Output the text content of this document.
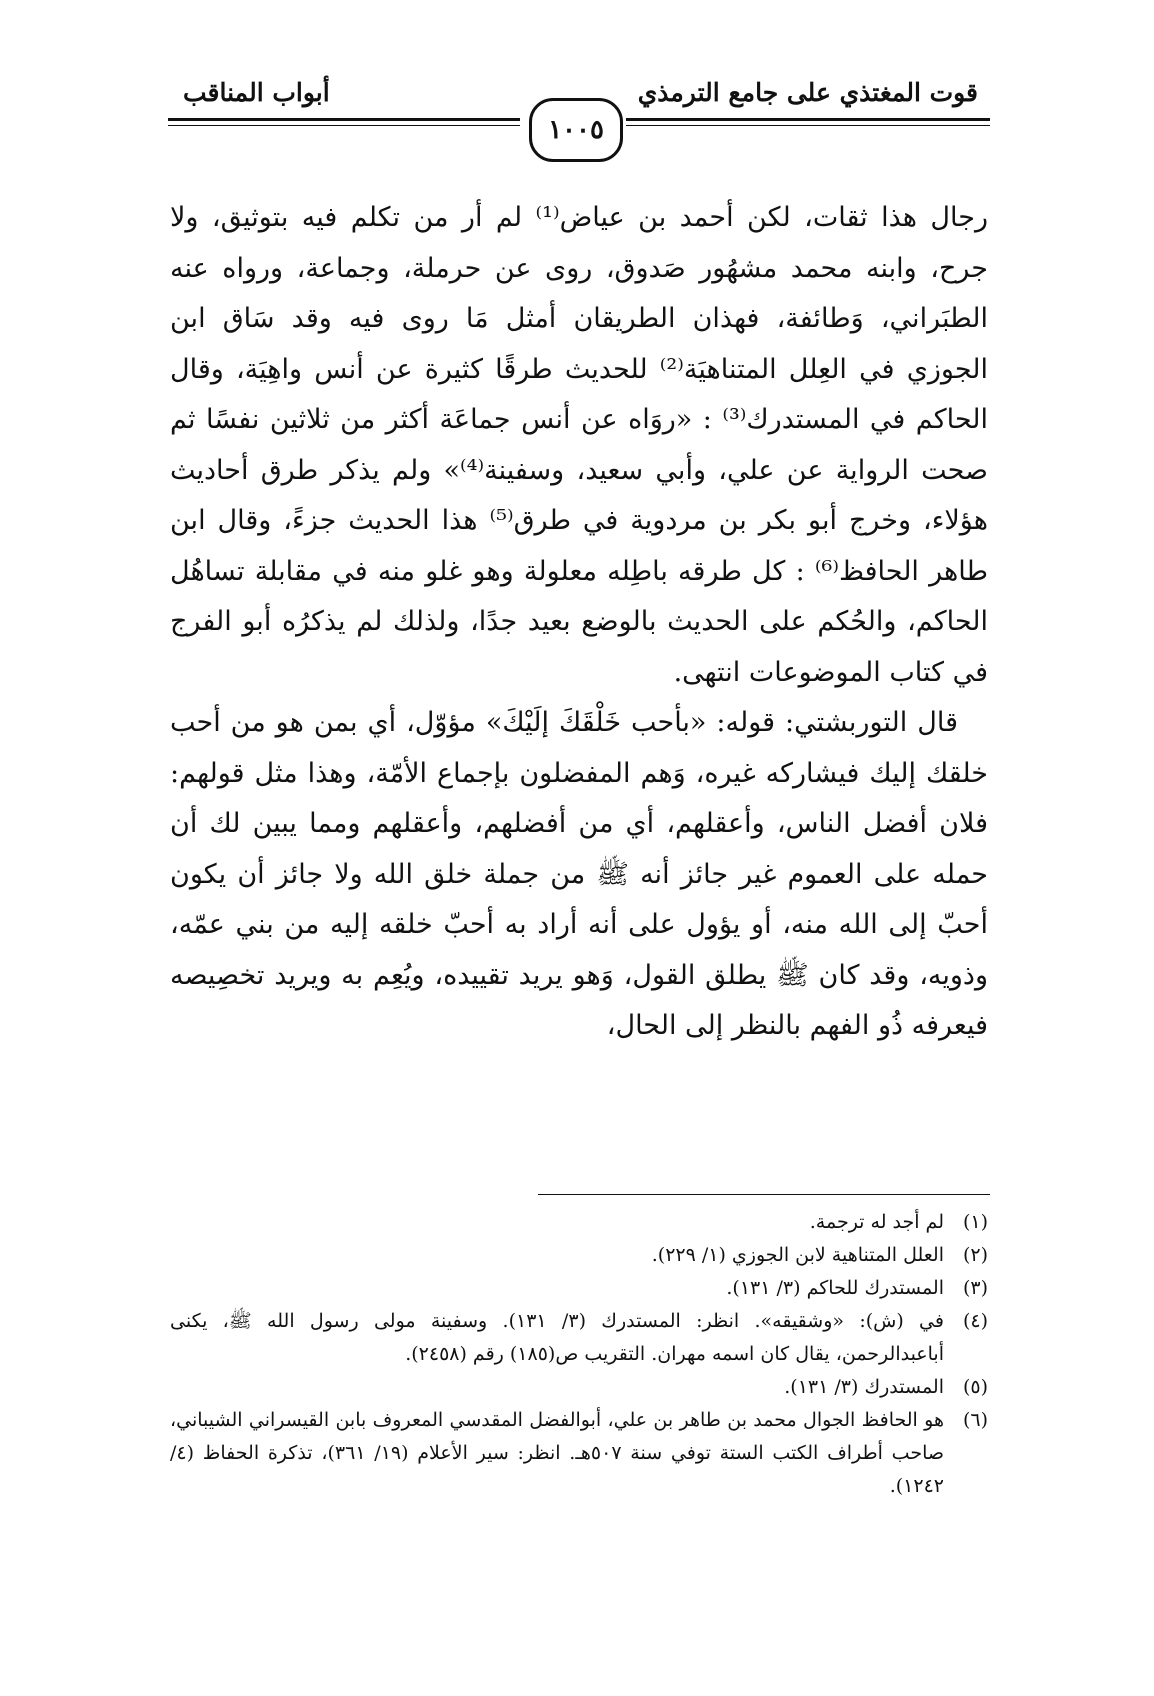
قوت المغتذي على جامع الترمذي
أبواب المناقب
١٠٠٥

رجال هذا ثقات، لكن أحمد بن عياض⁽¹⁾ لم أر من تكلم فيه بتوثيق، ولا جرح، وابنه محمد مشهُور صَدوق، روى عن حرملة، وجماعة، ورواه عنه الطبَراني، وَطائفة، فهذان الطريقان أمثل مَا روى فيه وقد سَاق ابن الجوزي في العِلل المتناهيَة⁽²⁾ للحديث طرقًا كثيرة عن أنس واهِيَة، وقال الحاكم في المستدرك⁽³⁾ : «روَاه عن أنس جماعَة أكثر من ثلاثين نفسًا ثم صحت الرواية عن علي، وأبي سعيد، وسفينة⁽⁴⁾» ولم يذكر طرق أحاديث هؤلاء، وخرج أبو بكر بن مردوية في طرق⁽⁵⁾ هذا الحديث جزءً، وقال ابن طاهر الحافظ⁽⁶⁾ : كل طرقه باطِله معلولة وهو غلو منه في مقابلة تساهُل الحاكم، والحُكم على الحديث بالوضع بعيد جدًا، ولذلك لم يذكرُه أبو الفرج في كتاب الموضوعات انتهى.

قال التوربشتي: قوله: «بأحب خَلْقَكَ إلَيْكَ» مؤوّل، أي بمن هو من أحب خلقك إليك فيشاركه غيره، وَهم المفضلون بإجماع الأمّة، وهذا مثل قولهم: فلان أفضل الناس، وأعقلهم، أي من أفضلهم، وأعقلهم ومما يبين لك أن حمله على العموم غير جائز أنه ﷺ من جملة خلق الله ولا جائز أن يكون أحبّ إلى الله منه، أو يؤول على أنه أراد به أحبّ خلقه إليه من بني عمّه، وذويه، وقد كان ﷺ يطلق القول، وَهو يريد تقييده، ويُعِم به ويريد تخصِيصه فيعرفه ذُو الفهم بالنظر إلى الحال،

(١)
لم أجد له ترجمة.
(٢)
العلل المتناهية لابن الجوزي (١/ ٢٢٩).
(٣)
المستدرك للحاكم (٣/ ١٣١).
(٤)
في (ش): «وشقيقه». انظر: المستدرك (٣/ ١٣١). وسفينة مولى رسول الله ﷺ، يكنى أباعبدالرحمن، يقال كان اسمه مهران. التقريب ص(١٨٥) رقم (٢٤٥٨).
(٥)
المستدرك (٣/ ١٣١).
(٦)
هو الحافظ الجوال محمد بن طاهر بن علي، أبوالفضل المقدسي المعروف بابن القيسراني الشيباني، صاحب أطراف الكتب الستة توفي سنة ٥٠٧هـ. انظر: سير الأعلام (١٩/ ٣٦١)، تذكرة الحفاظ (٤/ ١٢٤٢).
